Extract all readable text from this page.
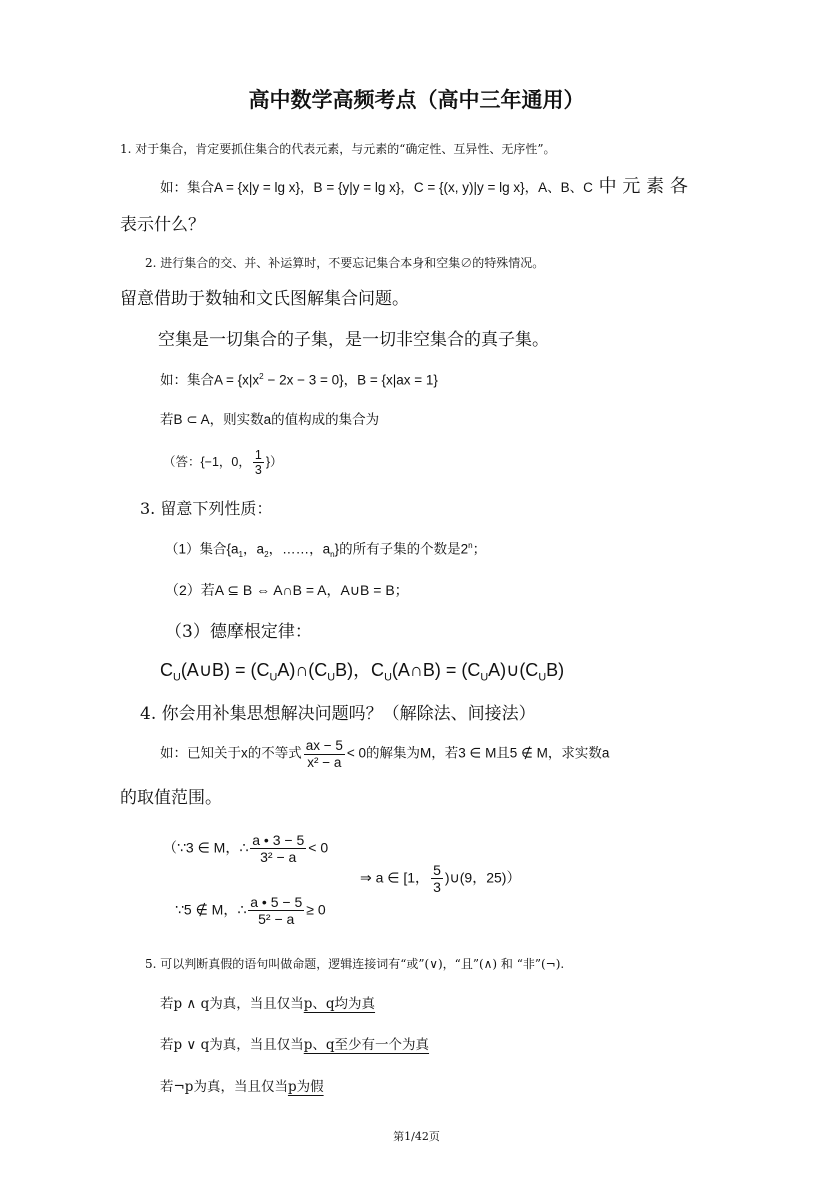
高中数学高频考点（高中三年通用）
1. 对于集合，肯定要抓住集合的代表元素，与元素的“确定性、互异性、无序性”。
如：集合A = {x|y = lg x}，B = {y|y = lg x}，C = {(x, y)|y = lg x}，A、B、C 中 元 素 各
表示什么？
2. 进行集合的交、并、补运算时，不要忘记集合本身和空集∅的特殊情况。
留意借助于数轴和文氏图解集合问题。
空集是一切集合的子集，是一切非空集合的真子集。
如：集合$A = \{x|x^2 - 2x - 3 = 0\}$，B = {x|ax = 1}
若B ⊂ A，则实数a的值构成的集合为
（答：{−1，0， $\frac{1}{3}$ }）
3. 留意下列性质：
（1）集合{$a_1$，$a_2$，……，$a_n$}的所有子集的个数是2$^n$；
（2）若A ⊆ B ⇔ A∩B = A，A∪B = B；
（3）德摩根定律：
$C_U(A\cup B)$ = $(C_UA)\cap(C_UB)$，$C_U(A\cap B)$ = $(C_UA)\cup(C_UB)$
4. 你会用补集思想解决问题吗？（解除法、间接法）
如：已知关于x的不等式 $\frac{ax - 5}{\text{x² − a}} < 0$的解集为M，若3 ∈ M且5 ∉ M，求实数a
的取值范围。
（∵3 ∈ M，∴ $\frac{a • 3 - 5}{\text{3² − a}} < 0$
∵5 ∉ M，∴ $\frac{a • 5 - 5}{\text{5² − a}} \ge 0$
⇒ a ∈ [1， $\frac{5}{3}$ )∪(9，25)）
5. 可以判断真假的语句叫做命题，逻辑连接词有“或”(∨)，“且”(∧) 和 “非”(¬).
若p ∧ q为真，当且仅当p、q均为真
若p ∨ q为真，当且仅当p、q至少有一个为真
若¬p为真，当且仅当p为假
第1/42页
